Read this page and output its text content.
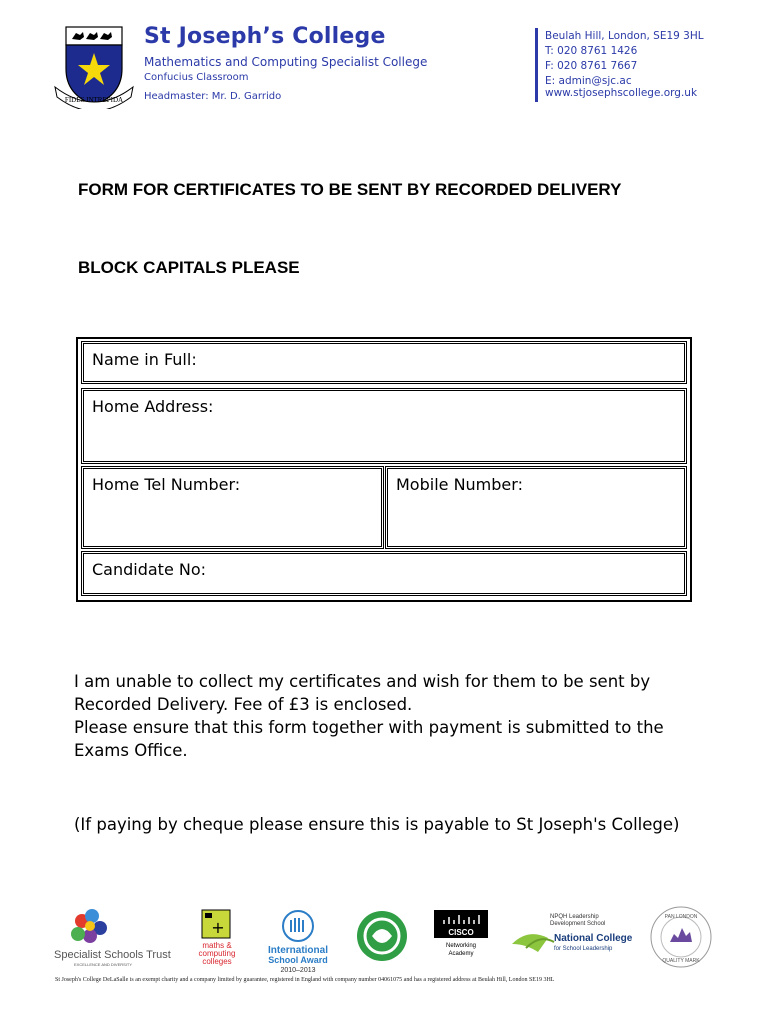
FIDES INTREPIDA
St Joseph’s College
Mathematics and Computing Specialist College
Confucius Classroom
Headmaster: Mr. D. Garrido
Beulah Hill, London, SE19 3HL
T: 020 8761 1426
F: 020 8761 7667
E: admin@sjc.ac
www.stjosephscollege.org.uk
FORM FOR CERTIFICATES TO BE SENT BY RECORDED DELIVERY
BLOCK CAPITALS PLEASE
Name in Full:
Home Address:
Home Tel Number:	Mobile Number:
Candidate No:
I am unable to collect my certificates and wish for them to be sent by
Recorded Delivery. Fee of £3 is enclosed.
Please ensure that this form together with payment is submitted to the
Exams Office.
(If paying by cheque please ensure this is payable to St Joseph's College)
Specialist Schools Trust
EXCELLENCE AND DIVERSITY
+
maths &
computing
colleges
International
School Award
2010–2013
CISCO
Networking
Academy
NPQH Leadership
Development School
National College
for School Leadership
PAN LONDON
QUALITY MARK
St Joseph's College DeLaSalle is an exempt charity and a company limited by guarantee, registered in England with company number 04061075 and has a registered address at Beulah Hill, London SE19 3HL
